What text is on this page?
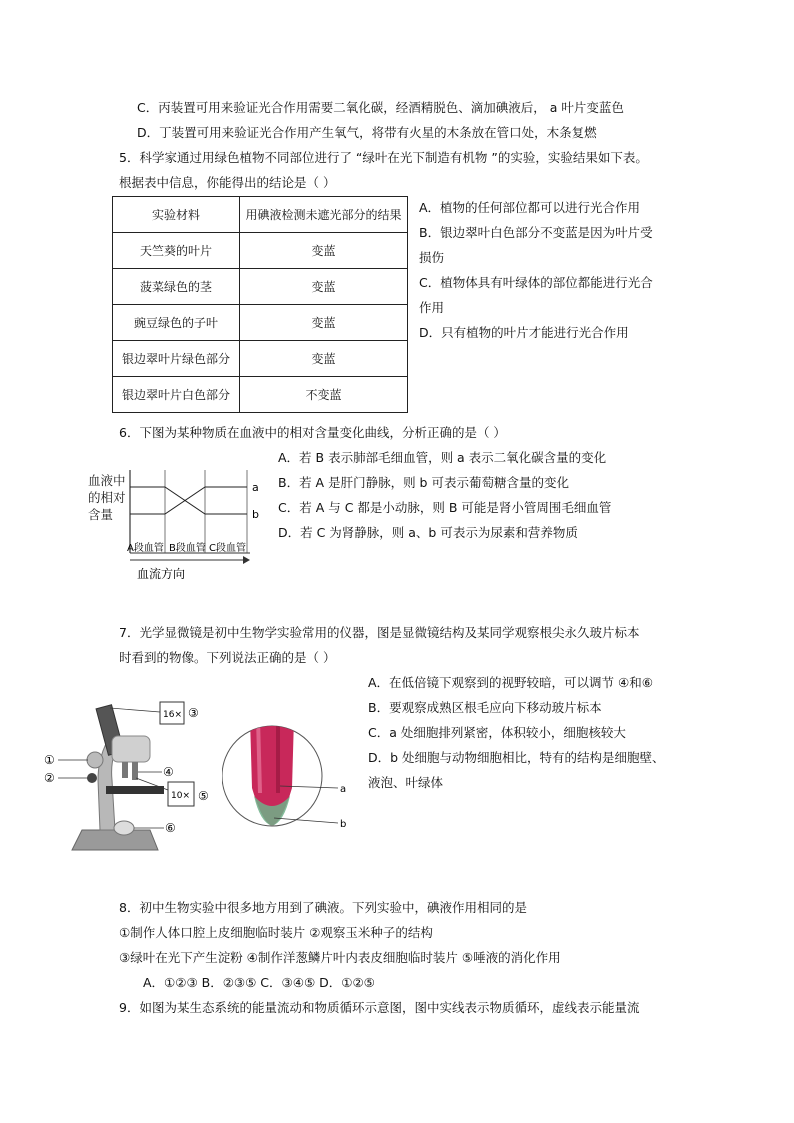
C．丙装置可用来验证光合作用需要二氧化碳，经酒精脱色、滴加碘液后， a 叶片变蓝色
D．丁装置可用来验证光合作用产生氧气，将带有火星的木条放在管口处，木条复燃
5．科学家通过用绿色植物不同部位进行了 “绿叶在光下制造有机物 ”的实验，实验结果如下表。
根据表中信息，你能得出的结论是（ ）
实验材料	用碘液检测未遮光部分的结果
天竺葵的叶片	变蓝
菠菜绿色的茎	变蓝
豌豆绿色的子叶	变蓝
银边翠叶片绿色部分	变蓝
银边翠叶片白色部分	不变蓝
A．植物的任何部位都可以进行光合作用
B．银边翠叶白色部分不变蓝是因为叶片受
损伤
C．植物体具有叶绿体的部位都能进行光合
作用
D．只有植物的叶片才能进行光合作用
6．下图为某种物质在血液中的相对含量变化曲线，分析正确的是（ ）
血液中
的相对
含量
a
b
A段血管 B段血管 C段血管
血流方向
A．若 B 表示肺部毛细血管，则 a 表示二氧化碳含量的变化
B．若 A 是肝门静脉，则 b 可表示葡萄糖含量的变化
C．若 A 与 C 都是小动脉，则 B 可能是肾小管周围毛细血管
D．若 C 为肾静脉，则 a、b 可表示为尿素和营养物质
7．光学显微镜是初中生物学实验常用的仪器，图是显微镜结构及某同学观察根尖永久玻片标本
时看到的物像。下列说法正确的是（ ）
16×
10×
①
②
③
④
⑤
⑥
a
b
A．在低倍镜下观察到的视野较暗，可以调节 ④和⑥
B．要观察成熟区根毛应向下移动玻片标本
C．a 处细胞排列紧密，体积较小，细胞核较大
D．b 处细胞与动物细胞相比，特有的结构是细胞壁、
液泡、叶绿体
8．初中生物实验中很多地方用到了碘液。下列实验中，碘液作用相同的是
①制作人体口腔上皮细胞临时装片 ②观察玉米种子的结构
③绿叶在光下产生淀粉 ④制作洋葱鳞片叶内表皮细胞临时装片 ⑤唾液的消化作用
A．①②③ B．②③⑤ C．③④⑤ D．①②⑤
9．如图为某生态系统的能量流动和物质循环示意图，图中实线表示物质循环，虚线表示能量流
